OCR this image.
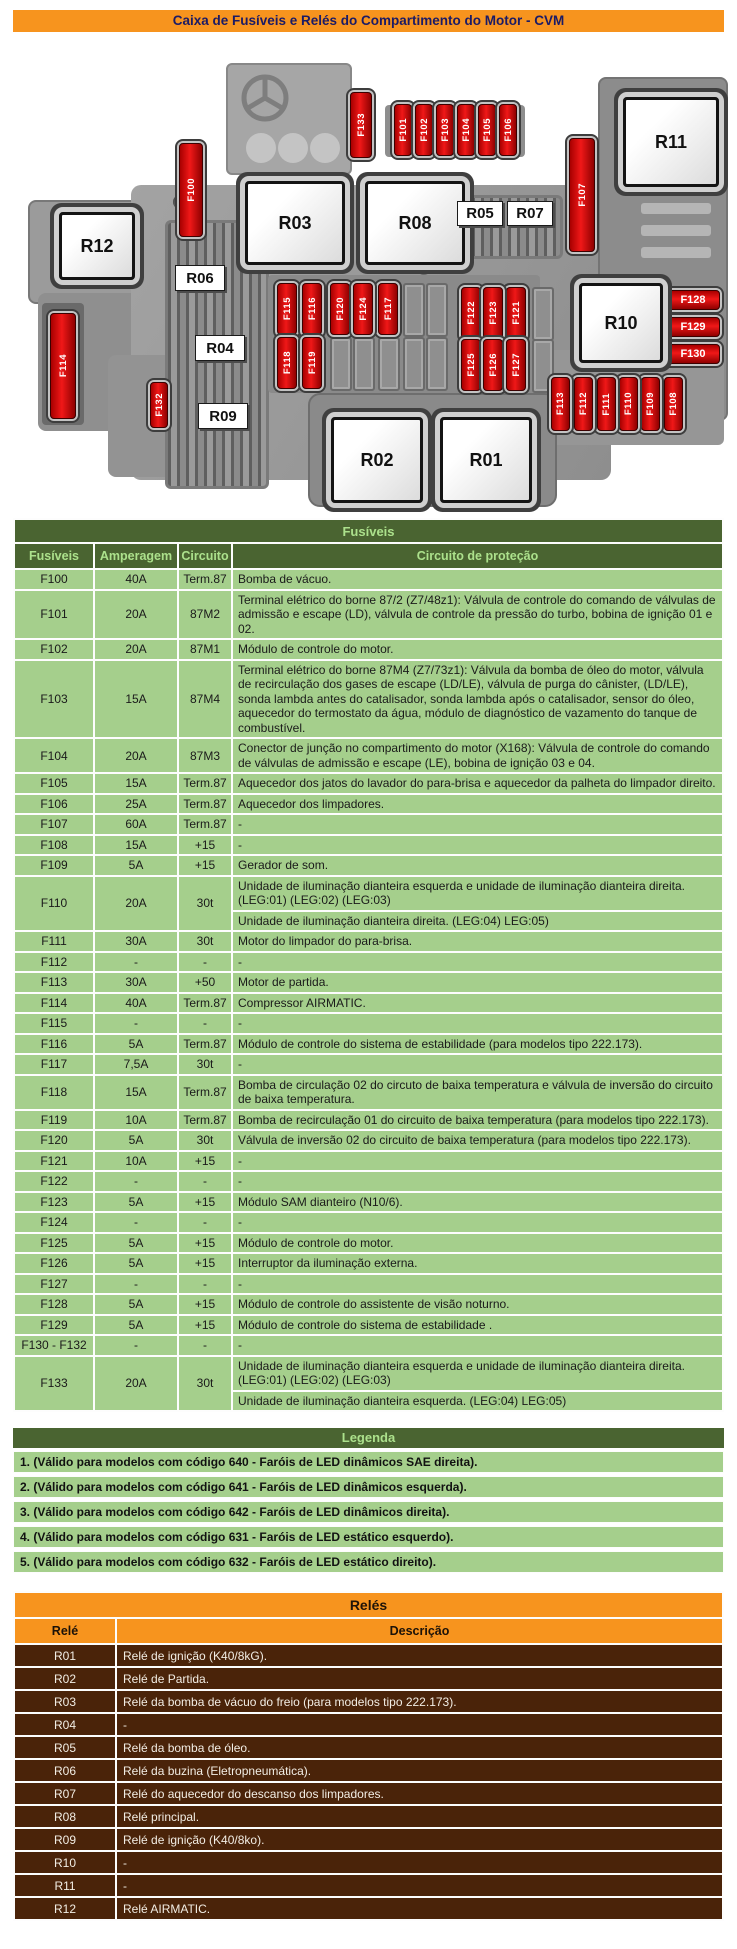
Caixa de Fusíveis e Relés do Compartimento do Motor - CVM
F100
F101 F102 F103 F104 F105 F106
F107
F108
F109
F110
F111
F112
F113
F114
F115 F116	F117
F118 F119
F120	F121
F122 F123
F124
F125 F126 F127
F128
F129
F130
F132
F133
R12
R03	R08
R11
R10
R02	R01
R06
R04
R09
R05	R07
Fusíveis			
Fusíveis	Amperagem	Circuito	Circuito de proteção
F100	40A	Term.87	Bomba de vácuo.
F101	20A	87M2	Terminal elétrico do borne 87/2 (Z7/48z1): Válvula de controle do comando de válvulas de admissão e escape (LD), válvula de controle da pressão do turbo, bobina de ignição 01 e 02.
F102	20A	87M1	Módulo de controle do motor.
F103	15A	87M4	Terminal elétrico do borne 87M4 (Z7/73z1): Válvula da bomba de óleo do motor, válvula de recirculação dos gases de escape (LD/LE), válvula de purga do cânister, (LD/LE), sonda lambda antes do catalisador, sonda lambda após o catalisador, sensor do óleo, aquecedor do termostato da água, módulo de diagnóstico de vazamento do tanque de combustível.
F104	20A	87M3	Conector de junção no compartimento do motor (X168): Válvula de controle do comando de válvulas de admissão e escape (LE), bobina de ignição 03 e 04.
F105	15A	Term.87	Aquecedor dos jatos do lavador do para-brisa e aquecedor da palheta do limpador direito.
F106	25A	Term.87	Aquecedor dos limpadores.
F107	60A	Term.87	-
F108	15A	+15	-
F109	5A	+15	Gerador de som.
F110	20A	30t	Unidade de iluminação dianteira esquerda e unidade de iluminação dianteira direita. (LEG:01) (LEG:02) (LEG:03)
			Unidade de iluminação dianteira direita. (LEG:04) LEG:05)
F111	30A	30t	Motor do limpador do para-brisa.
F112	-	-	-
F113	30A	+50	Motor de partida.
F114	40A	Term.87	Compressor AIRMATIC.
F115	-	-	-
F116	5A	Term.87	Módulo de controle do sistema de estabilidade (para modelos tipo 222.173).
F117	7,5A	30t	-
F118	15A	Term.87	Bomba de circulação 02 do circuto de baixa temperatura e válvula de inversão do circuito de baixa temperatura.
F119	10A	Term.87	Bomba de recirculação 01 do circuito de baixa temperatura (para modelos tipo 222.173).
F120	5A	30t	Válvula de inversão 02 do circuito de baixa temperatura (para modelos tipo 222.173).
F121	10A	+15	-
F122	-	-	-
F123	5A	+15	Módulo SAM dianteiro (N10/6).
F124	-	-	-
F125	5A	+15	Módulo de controle do motor.
F126	5A	+15	Interruptor da iluminação externa.
F127	-	-	-
F128	5A	+15	Módulo de controle do assistente de visão noturno.
F129	5A	+15	Módulo de controle do sistema de estabilidade .
F130 - F132	-	-	-
F133	20A	30t	Unidade de iluminação dianteira esquerda e unidade de iluminação dianteira direita. (LEG:01) (LEG:02) (LEG:03)
			Unidade de iluminação dianteira esquerda. (LEG:04) LEG:05)
Legenda
1. (Válido para modelos com código 640 - Faróis de LED dinâmicos SAE direita).
2. (Válido para modelos com código 641 - Faróis de LED dinâmicos esquerda).
3. (Válido para modelos com código 642 - Faróis de LED dinâmicos direita).
4. (Válido para modelos com código 631 - Faróis de LED estático esquerdo).
5. (Válido para modelos com código 632 - Faróis de LED estático direito).
Relés	
Relé	Descrição
R01	Relé de ignição (K40/8kG).
R02	Relé de Partida.
R03	Relé da bomba de vácuo do freio (para modelos tipo 222.173).
R04	-
R05	Relé da bomba de óleo.
R06	Relé da buzina (Eletropneumática).
R07	Relé do aquecedor do descanso dos limpadores.
R08	Relé principal.
R09	Relé de ignição (K40/8ko).
R10	-
R11	-
R12	Relé AIRMATIC.
